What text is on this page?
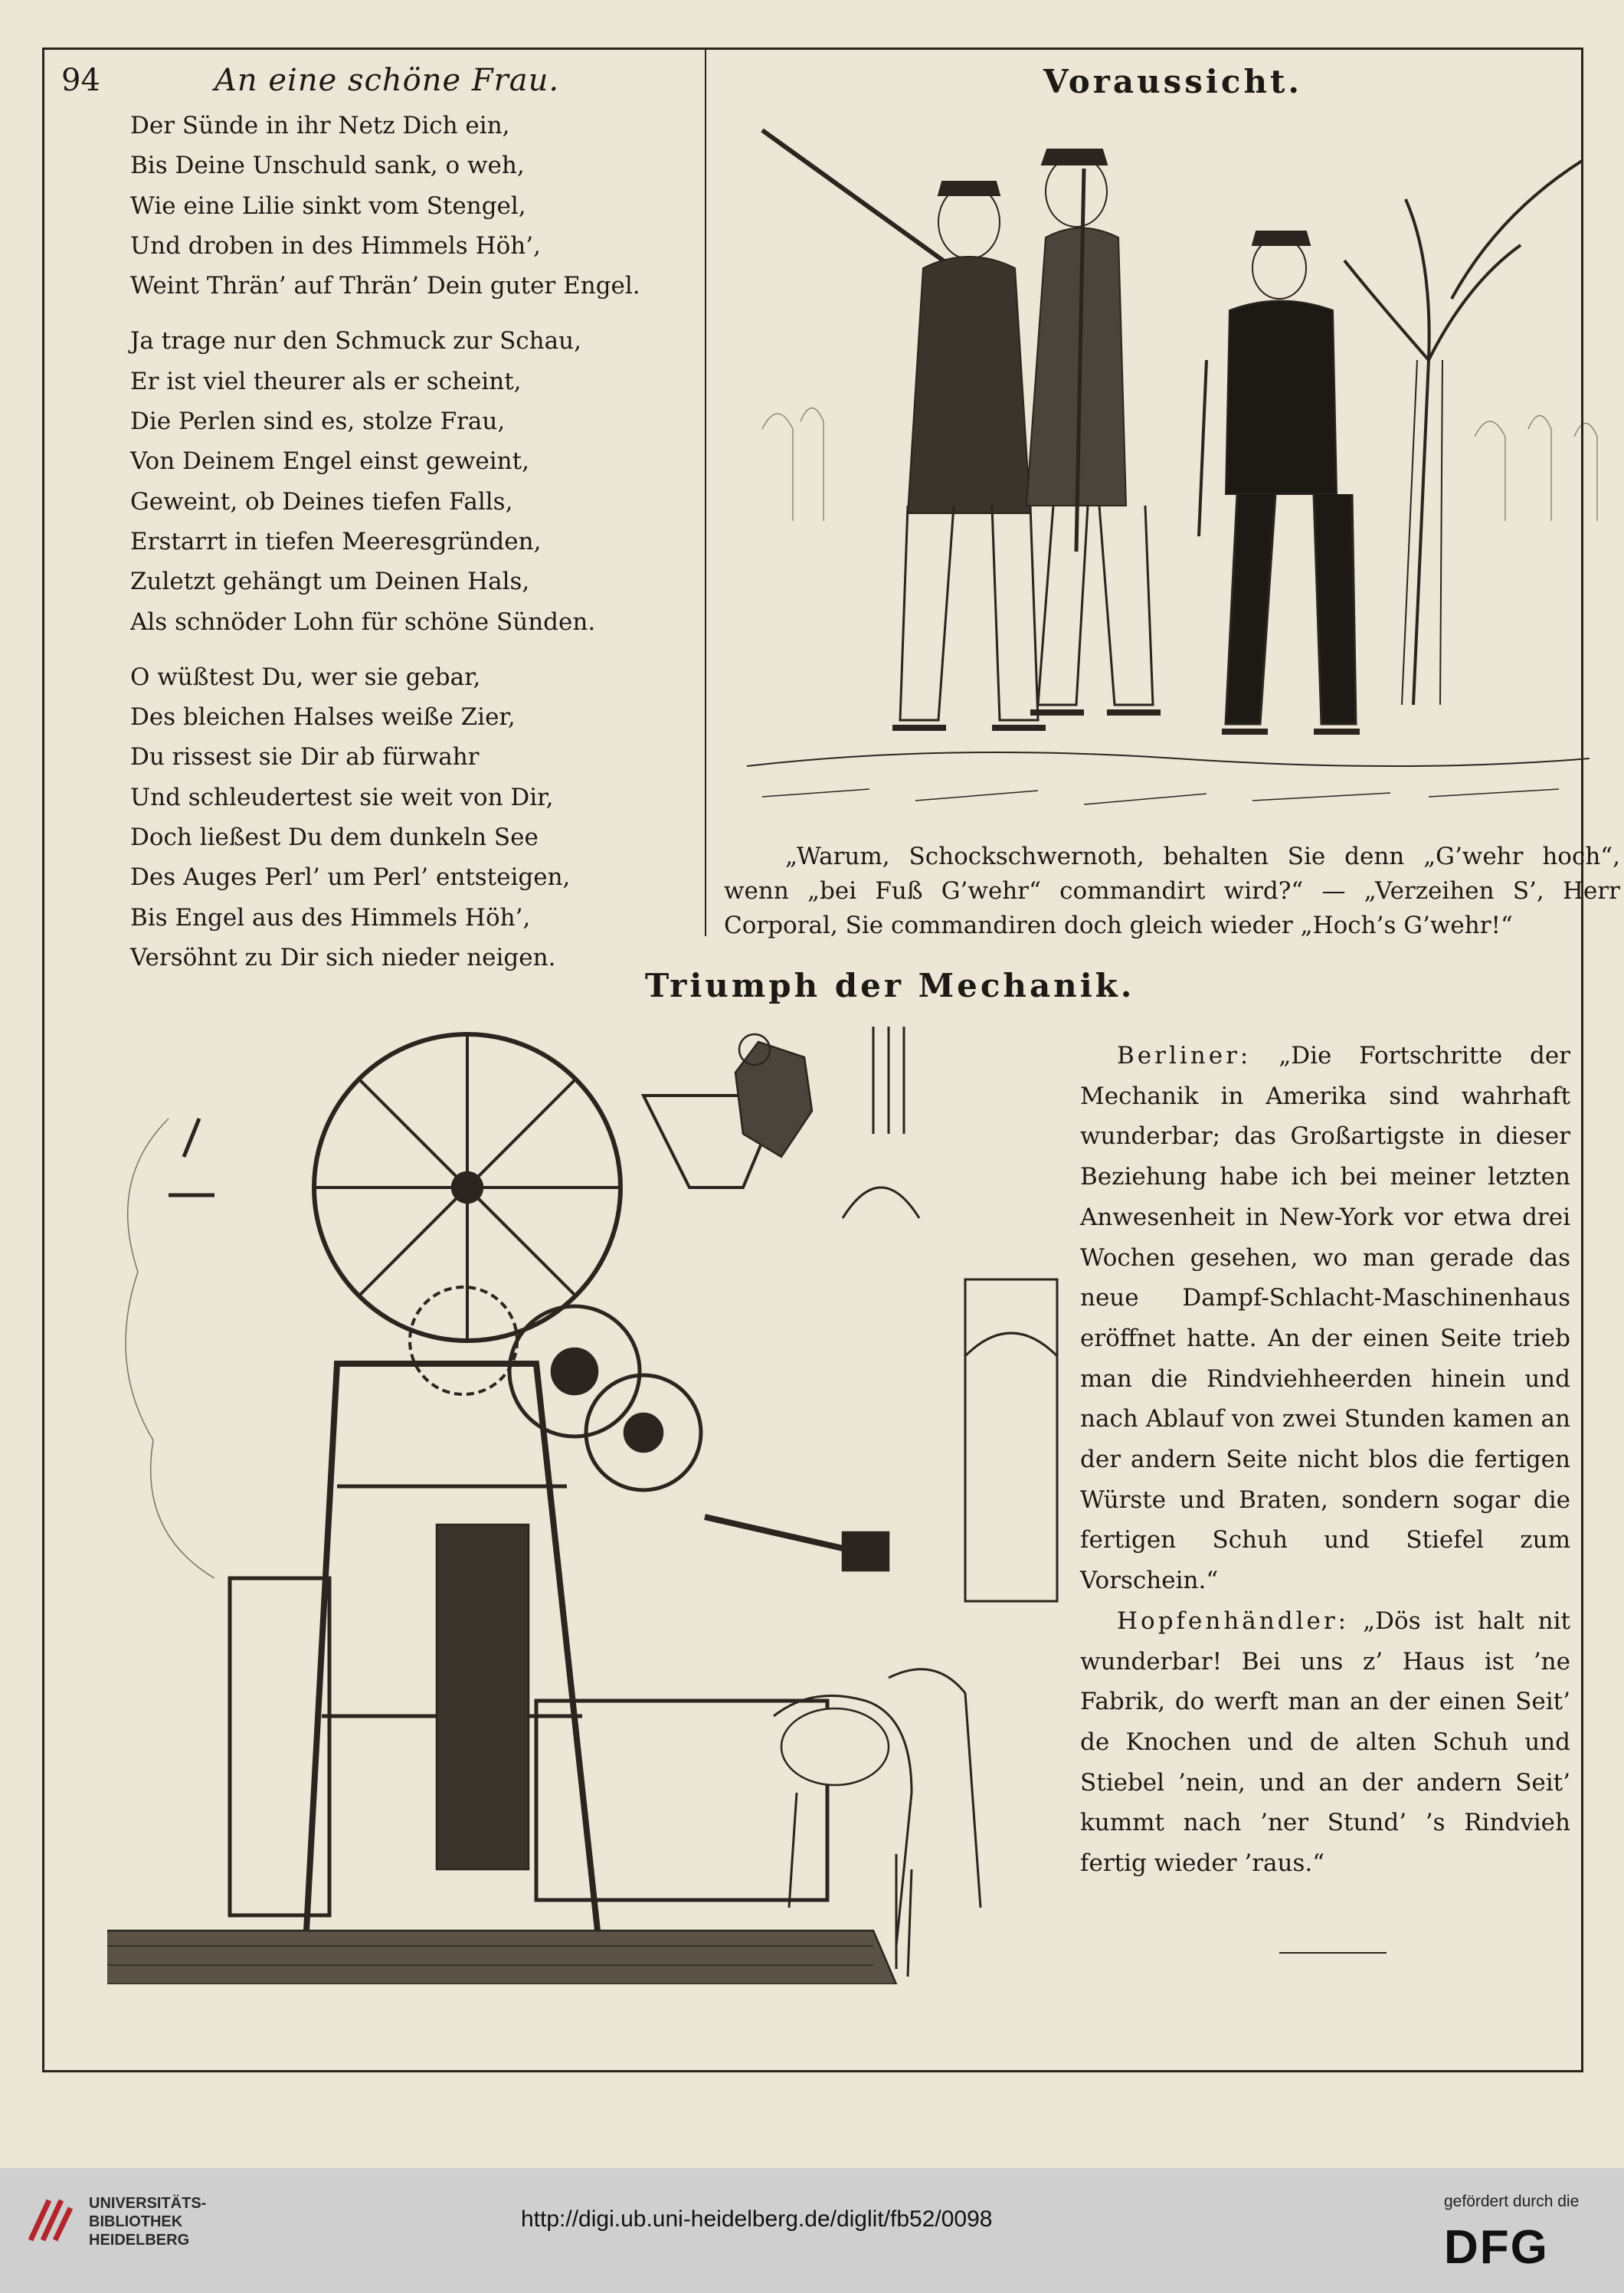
94	An eine schöne Frau.

Der Sünde in ihr Netz Dich ein,

Bis Deine Unschuld sank, o weh,

Wie eine Lilie sinkt vom Stengel,

Und droben in des Himmels Höh’,

Weint Thrän’ auf Thrän’ Dein guter Engel.

Ja trage nur den Schmuck zur Schau,

Er ist viel theurer als er scheint,

Die Perlen sind es, stolze Frau,

Von Deinem Engel einst geweint,

Geweint, ob Deines tiefen Falls,

Erstarrt in tiefen Meeresgründen,

Zuletzt gehängt um Deinen Hals,

Als schnöder Lohn für schöne Sünden.

O wüßtest Du, wer sie gebar,

Des bleichen Halses weiße Zier,

Du rissest sie Dir ab fürwahr

Und schleudertest sie weit von Dir,

Doch ließest Du dem dunkeln See

Des Auges Perl’ um Perl’ entsteigen,

Bis Engel aus des Himmels Höh’,

Versöhnt zu Dir sich nieder neigen.

Voraussicht.

„Warum, Schockschwernoth, behalten Sie denn „G’wehr hoch“, wenn „bei Fuß G’wehr“ commandirt wird?“ — „Verzeihen S’, Herr Corporal, Sie commandiren doch gleich wieder „Hoch’s G’wehr!“

Triumph der Mechanik.

Berliner: „Die Fortschritte der Mechanik in Amerika sind wahrhaft wunderbar; das Großartigste in dieser Beziehung habe ich bei meiner letzten Anwesenheit in New-York vor etwa drei Wochen gesehen, wo man gerade das neue Dampf-Schlacht-Maschinenhaus eröffnet hatte. An der einen Seite trieb man die Rindviehheerden hinein und nach Ablauf von zwei Stunden kamen an der andern Seite nicht blos die fertigen Würste und Braten, sondern sogar die fertigen Schuh und Stiefel zum Vorschein.“

Hopfenhändler: „Dös ist halt nit wunderbar! Bei uns z’ Haus ist ’ne Fabrik, do werft man an der einen Seit’ de Knochen und de alten Schuh und Stiebel ’nein, und an der andern Seit’ kummt nach ’ner Stund’ ’s Rindvieh fertig wieder ’raus.“

UNIVERSITÄTS-
BIBLIOTHEK
HEIDELBERG
http://digi.ub.uni-heidelberg.de/diglit/fb52/0098
gefördert durch die
DFG
